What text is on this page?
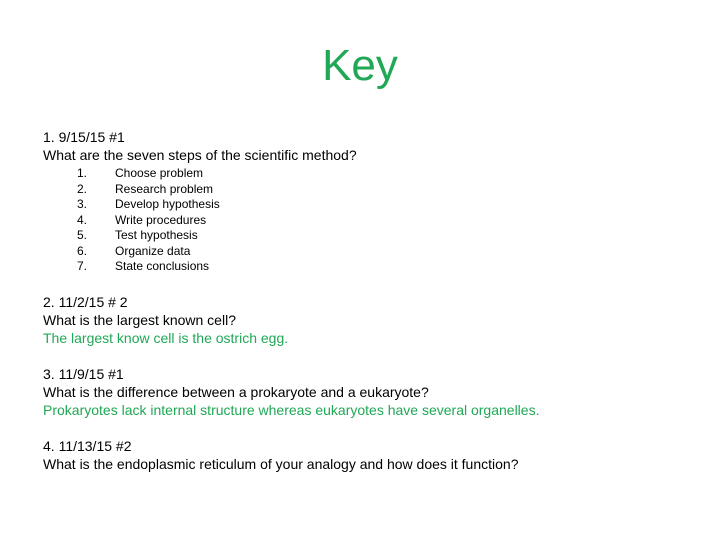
Key
1. 9/15/15 #1
What are the seven steps of the scientific method?
1.	Choose problem
2.	Research problem
3.	Develop hypothesis
4.	Write procedures
5.	Test hypothesis
6.	Organize data
7.	State conclusions
2. 11/2/15 # 2
What is the largest known cell?
The largest know cell is the ostrich egg.
3. 11/9/15 #1
What is the difference between a prokaryote and a eukaryote?
Prokaryotes lack internal structure whereas eukaryotes have several organelles.
4. 11/13/15 #2
What is the endoplasmic reticulum of your analogy and how does it function?
